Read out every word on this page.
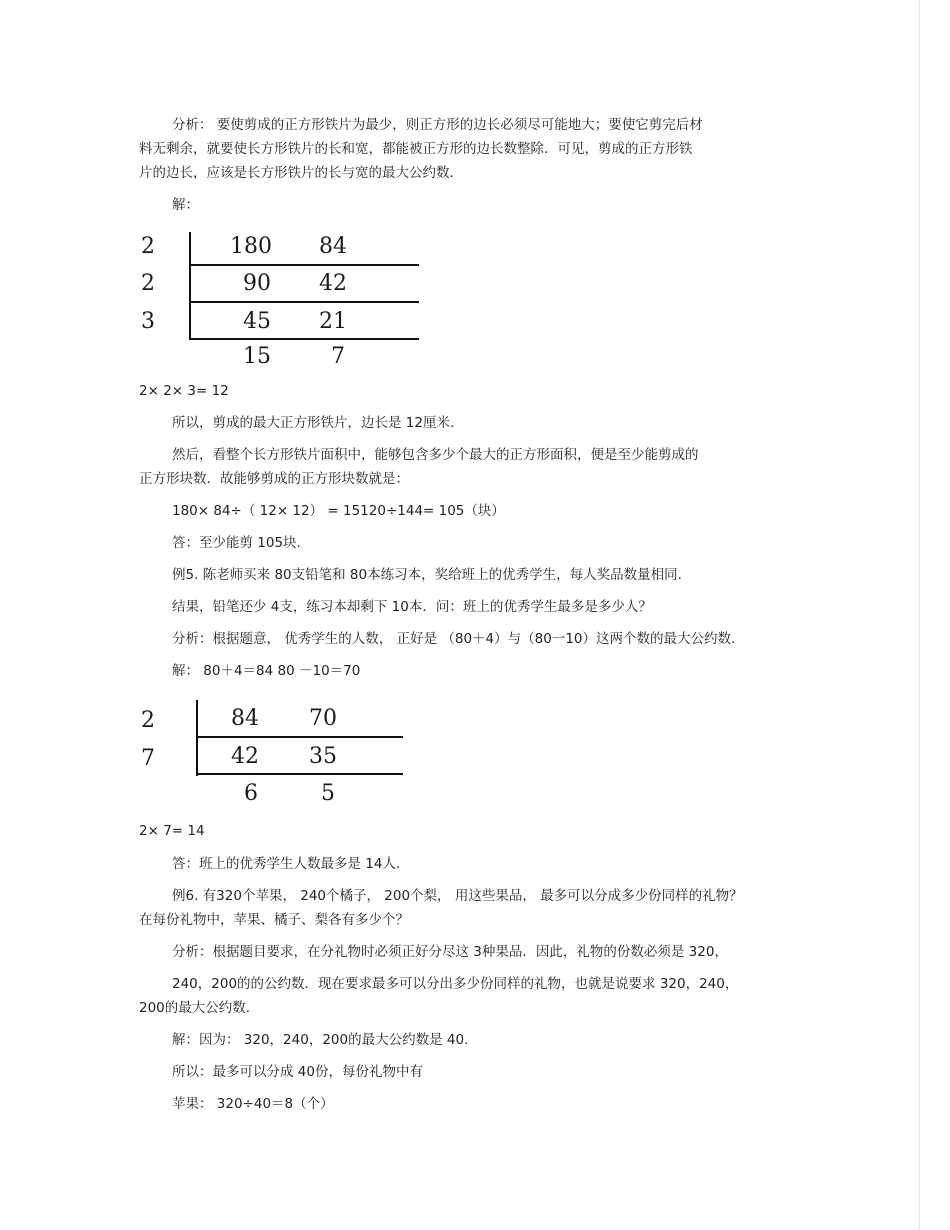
分析： 要使剪成的正方形铁片为最少，则正方形的边长必须尽可能地大；要使它剪完后材
料无剩余，就要使长方形铁片的长和宽，都能被正方形的边长数整除．可见，剪成的正方形铁
片的边长，应该是长方形铁片的长与宽的最大公约数.
解：
2
2
3
180 84
90 42
45 21
15	7
2× 2× 3= 12
所以，剪成的最大正方形铁片，边长是 12厘米.
然后，看整个长方形铁片面积中，能够包含多少个最大的正方形面积，便是至少能剪成的
正方形块数．故能够剪成的正方形块数就是：
180× 84÷（ 12× 12） = 15120÷144= 105（块）
答：至少能剪 105块.
例5. 陈老师买来 80支铅笔和 80本练习本，奖给班上的优秀学生，每人奖品数量相同.
结果，铅笔还少 4支，练习本却剩下 10本．问：班上的优秀学生最多是多少人？
分析：根据题意， 优秀学生的人数， 正好是 （80＋4）与（80一10）这两个数的最大公约数.
解： 80＋4＝84 80 －10＝70
2
7
84 70
42 35
6	5
2× 7= 14
答：班上的优秀学生人数最多是 14人.
例6. 有320个苹果， 240个橘子， 200个梨， 用这些果品， 最多可以分成多少份同样的礼物？
在每份礼物中，苹果、橘子、梨各有多少个？
分析：根据题目要求，在分礼物时必须正好分尽这 3种果品．因此，礼物的份数必须是 320，
240，200的的公约数．现在要求最多可以分出多少份同样的礼物，也就是说要求 320，240，
200的最大公约数.
解：因为： 320，240，200的最大公约数是 40.
所以：最多可以分成 40份，每份礼物中有
苹果： 320÷40＝8（个）
